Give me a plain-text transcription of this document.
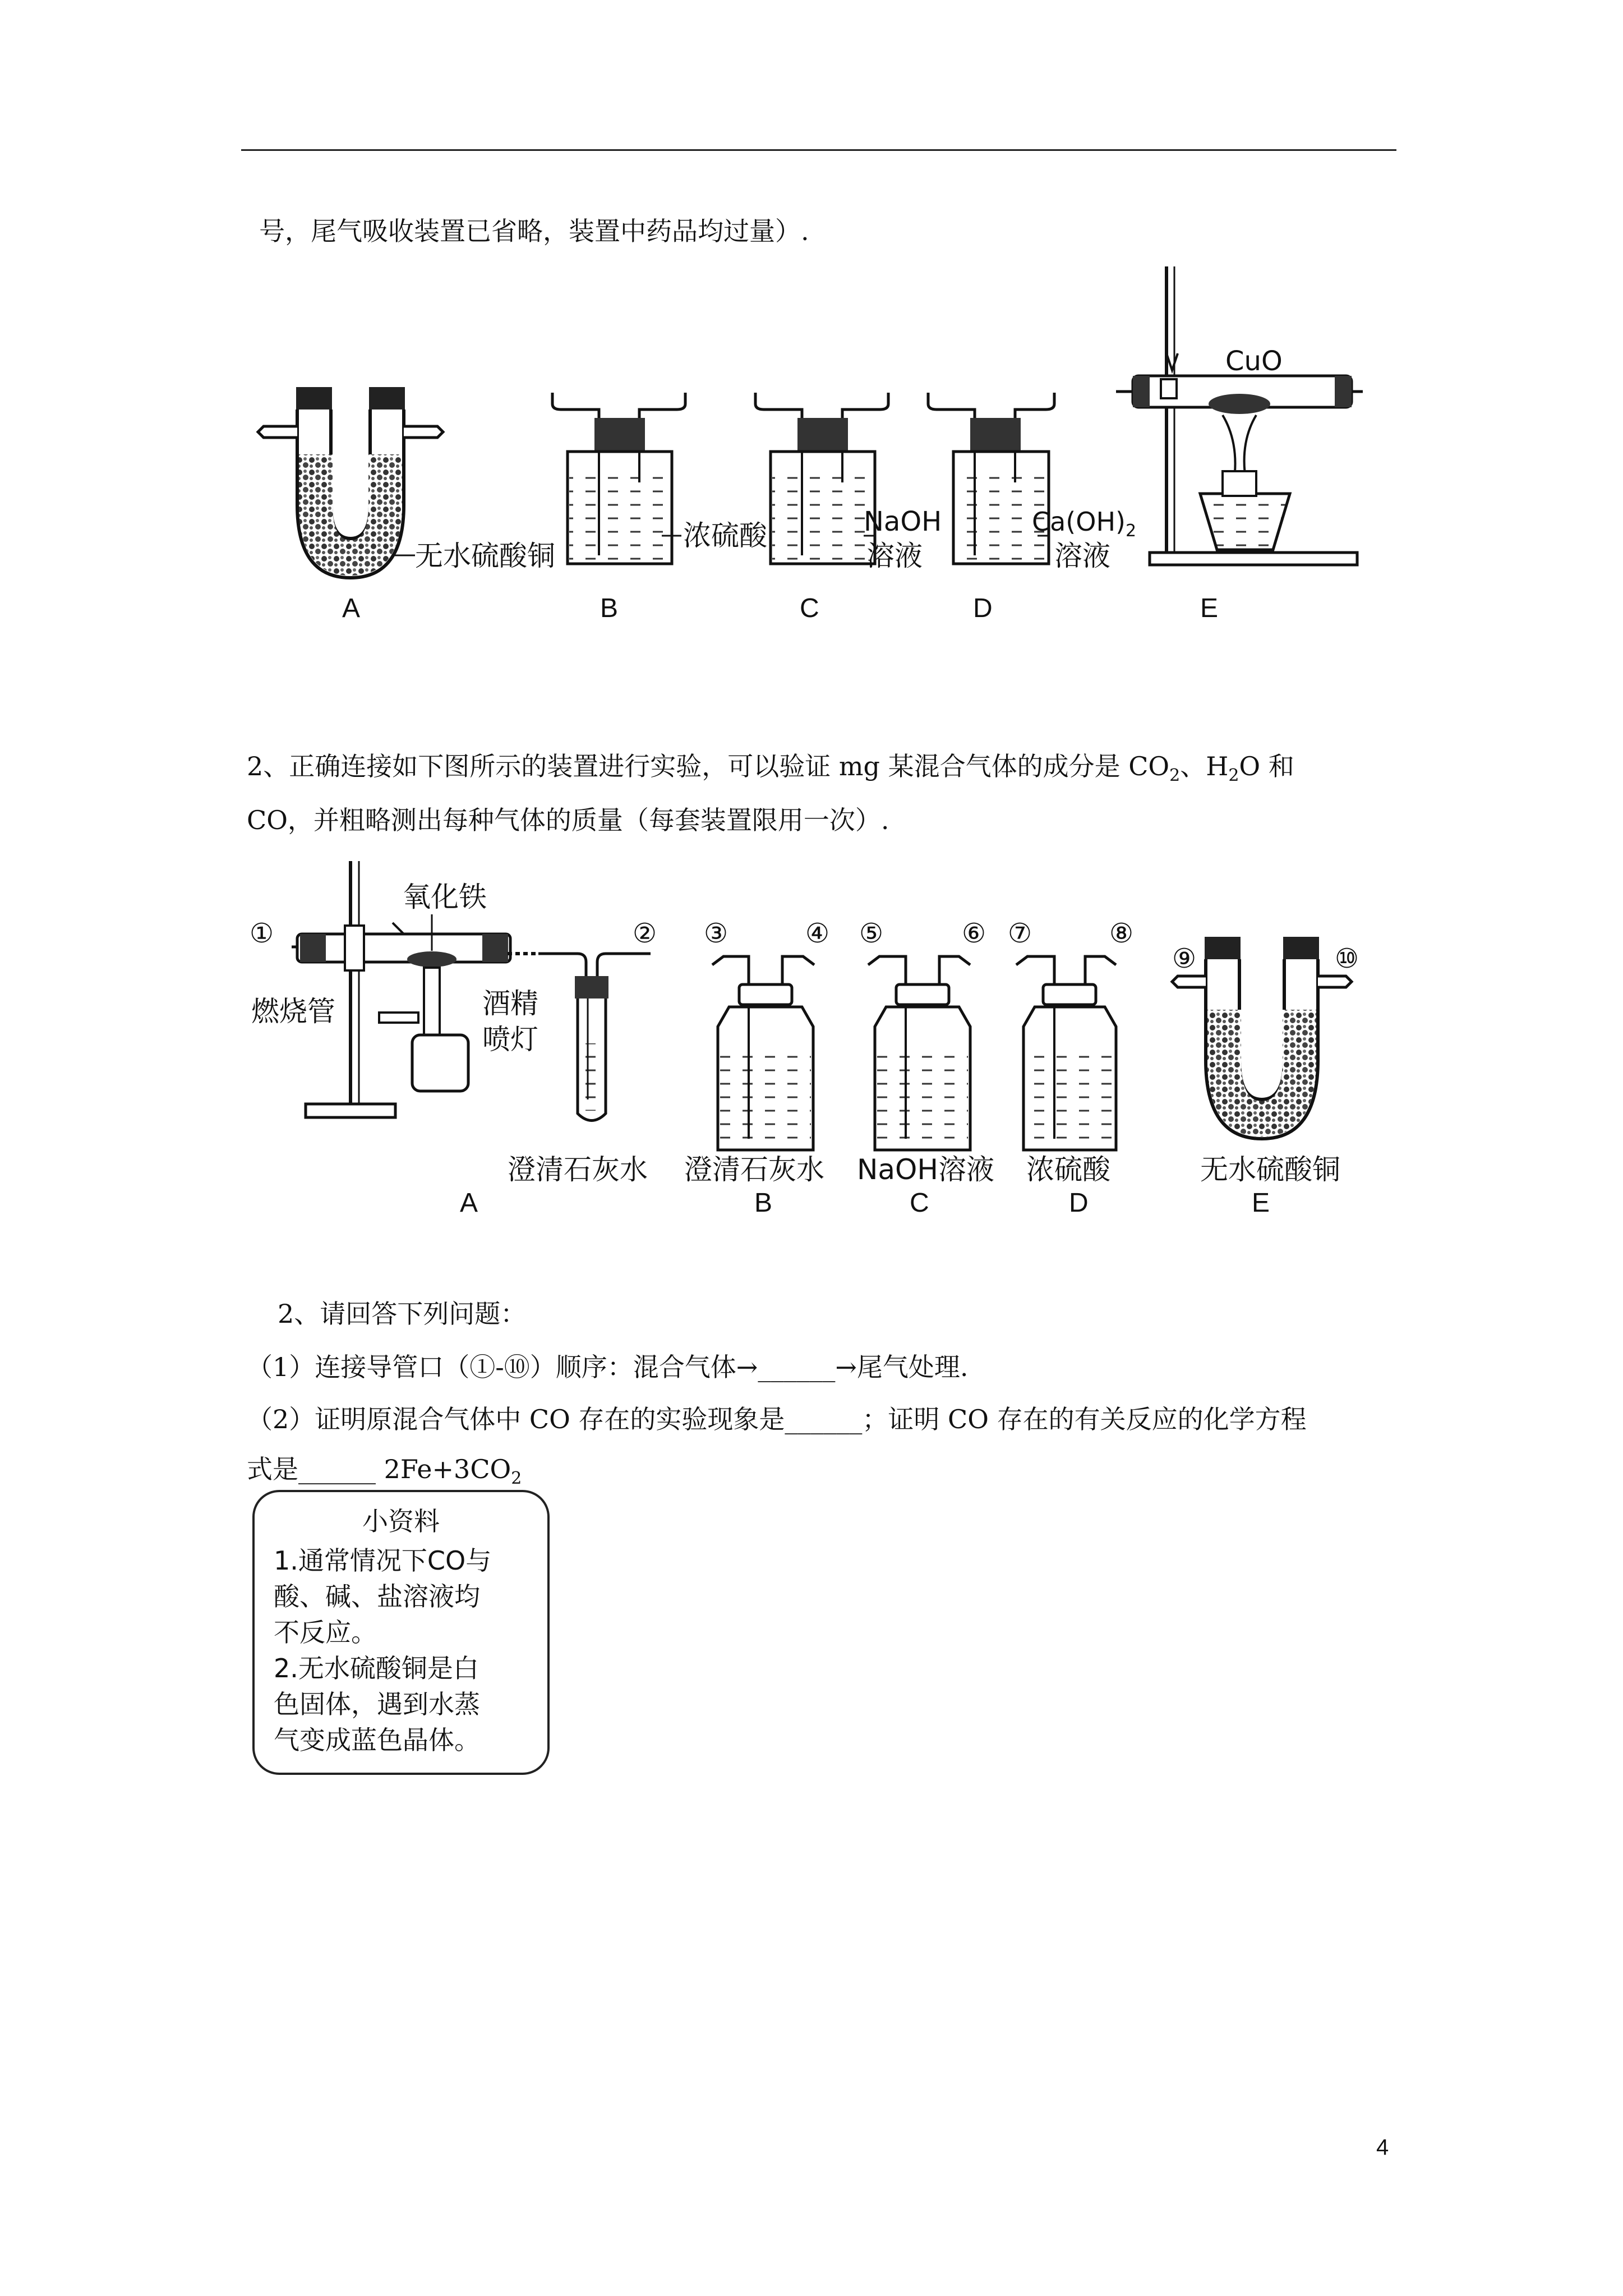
号，尾气吸收装置已省略，装置中药品均过量）.
无水硫酸铜
浓硫酸	NaOH
溶液
$Ca(OH)_2$
溶液
CuO
A	B	C	D	E
2、正确连接如下图所示的装置进行实验，可以验证 mg 某混合气体的成分是 $CO_2$、$H_2O$ 和
CO，并粗略测出每种气体的质量（每套装置限用一次）.
氧化铁
燃烧管	酒精
喷灯
澄清石灰水
①	② ③	④ ⑤	⑥ ⑦	⑧
⑨	⑩
澄清石灰水 NaOH溶液 浓硫酸	无水硫酸铜
A	B	C	D	E
2、请回答下列问题：
（1）连接导管口（①-⑩）顺序：混合气体→______→尾气处理.
（2）证明原混合气体中 CO 存在的实验现象是______；证明 CO 存在的有关反应的化学方程
式是______ $2Fe+3CO_2$
小资料
1.通常情况下CO与
酸、碱、盐溶液均
不反应。
2.无水硫酸铜是白
色固体，遇到水蒸
气变成蓝色晶体。
4
